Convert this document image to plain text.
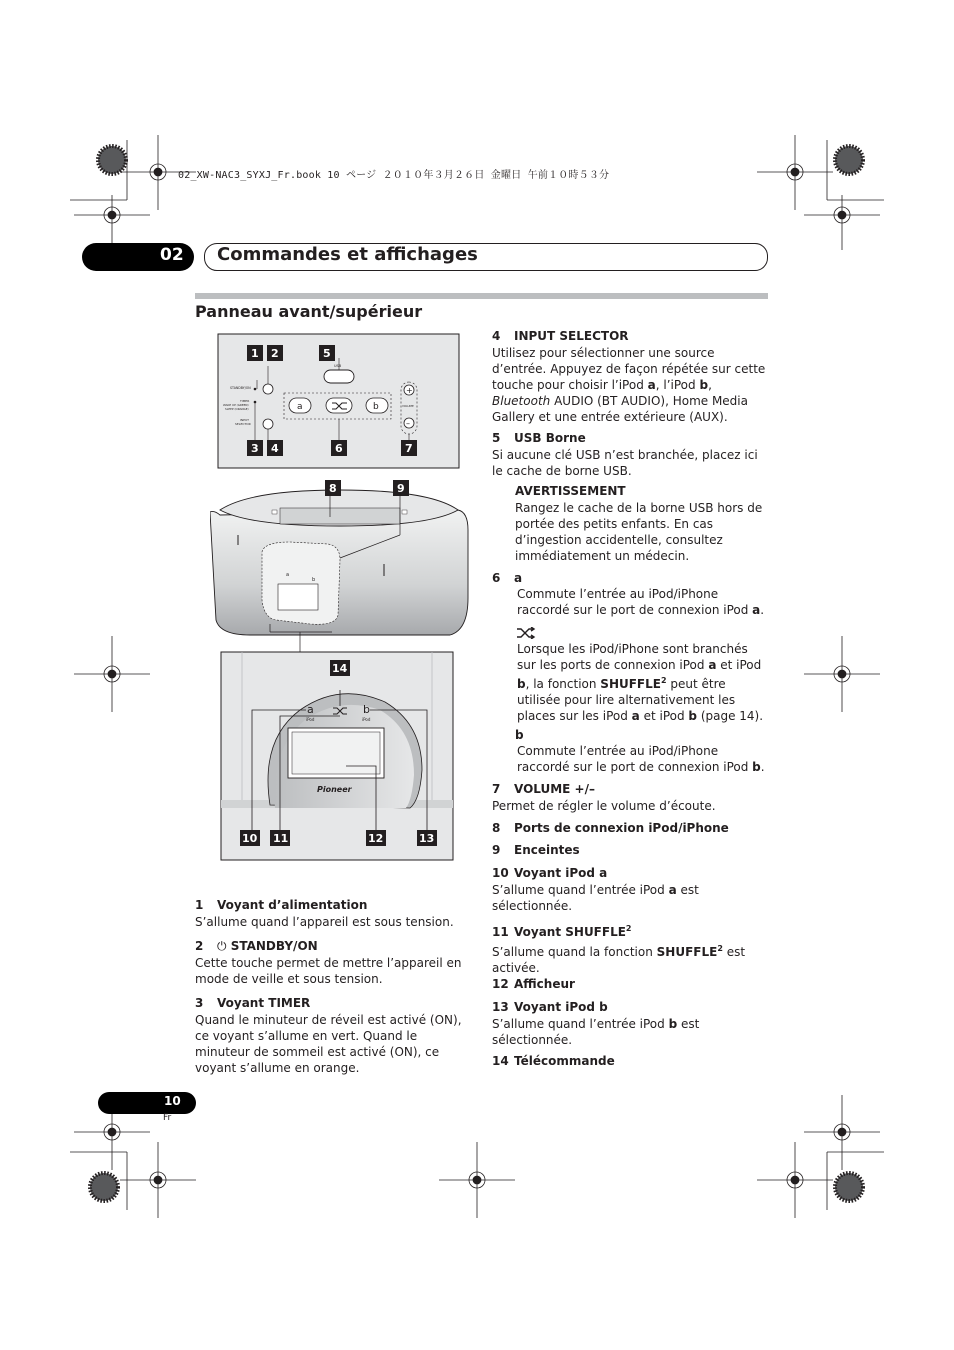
02_XW-NAC3_SYXJ_Fr.book 10 ページ ２０１０年３月２６日 金曜日 午前１０時５３分
02 Commandes et affichages
Panneau avant/supérieur
STANDBY/ON
TIMER
WAKE UP (GREEN)
SLEEP (ORANGE)
INPUT
SELECTOR
USB
a	b
+
VOLUME
–
a
b
a	b
iPod	iPod
Pioneer
1 2	5
3 4	6	7
8	9
14
10 11	12	13
1 Voyant d’alimentation
S’allume quand l’appareil est sous tension.
2 ⏻ STANDBY/ON
Cette touche permet de mettre l’appareil en mode de veille et sous tension.
3 Voyant TIMER
Quand le minuteur de réveil est activé (ON), ce voyant s’allume en vert. Quand le minuteur de sommeil est activé (ON), ce voyant s’allume en orange.
4 INPUT SELECTOR
Utilisez pour sélectionner une source d’entrée. Appuyez de façon répétée sur cette touche pour choisir l’iPod a, l’iPod b, Bluetooth AUDIO (BT AUDIO), Home Media Gallery et une entrée extérieure (AUX).
5 USB Borne
Si aucune clé USB n’est branchée, placez ici le cache de borne USB.
AVERTISSEMENT
Rangez le cache de la borne USB hors de portée des petits enfants. En cas d’ingestion accidentelle, consultez immédiatement un médecin.
6 a
Commute l’entrée au iPod/iPhone raccordé sur le port de connexion iPod a.
Lorsque les iPod/iPhone sont branchés sur les ports de connexion iPod a et iPod b, la fonction SHUFFLE$^2$ peut être utilisée pour lire alternativement les places sur les iPod a et iPod b (page 14).
b
Commute l’entrée au iPod/iPhone raccordé sur le port de connexion iPod b.
7 VOLUME +/–
Permet de régler le volume d’écoute.
8 Ports de connexion iPod/iPhone
9 Enceintes
10 Voyant iPod a
S’allume quand l’entrée iPod a est sélectionnée.
11 Voyant SHUFFLE$^2$
S’allume quand la fonction SHUFFLE$^2$ est activée.
12 Afficheur
13 Voyant iPod b
S’allume quand l’entrée iPod b est sélectionnée.
14 Télécommande
10
Fr
